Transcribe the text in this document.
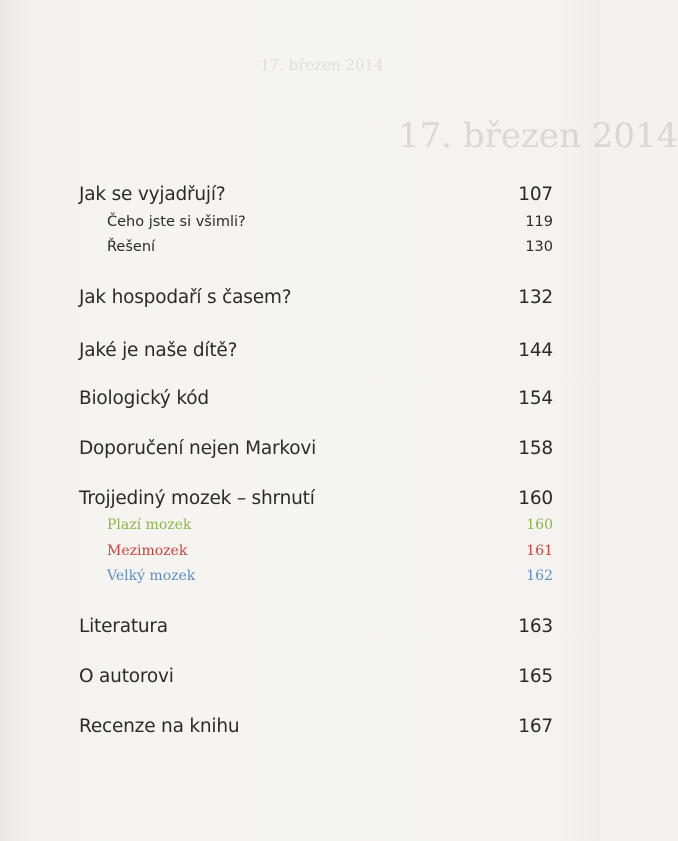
17. březen 2014
17. březen 2014
Jak se vyjadřují?	107
Čeho jste si všimli?	119
Řešení	130
Jak hospodaří s časem?	132
Jaké je naše dítě?	144
Biologický kód	154
Doporučení nejen Markovi	158
Trojjediný mozek – shrnutí	160
Plazí mozek	160
Mezimozek	161
Velký mozek	162
Literatura	163
O autorovi	165
Recenze na knihu	167
